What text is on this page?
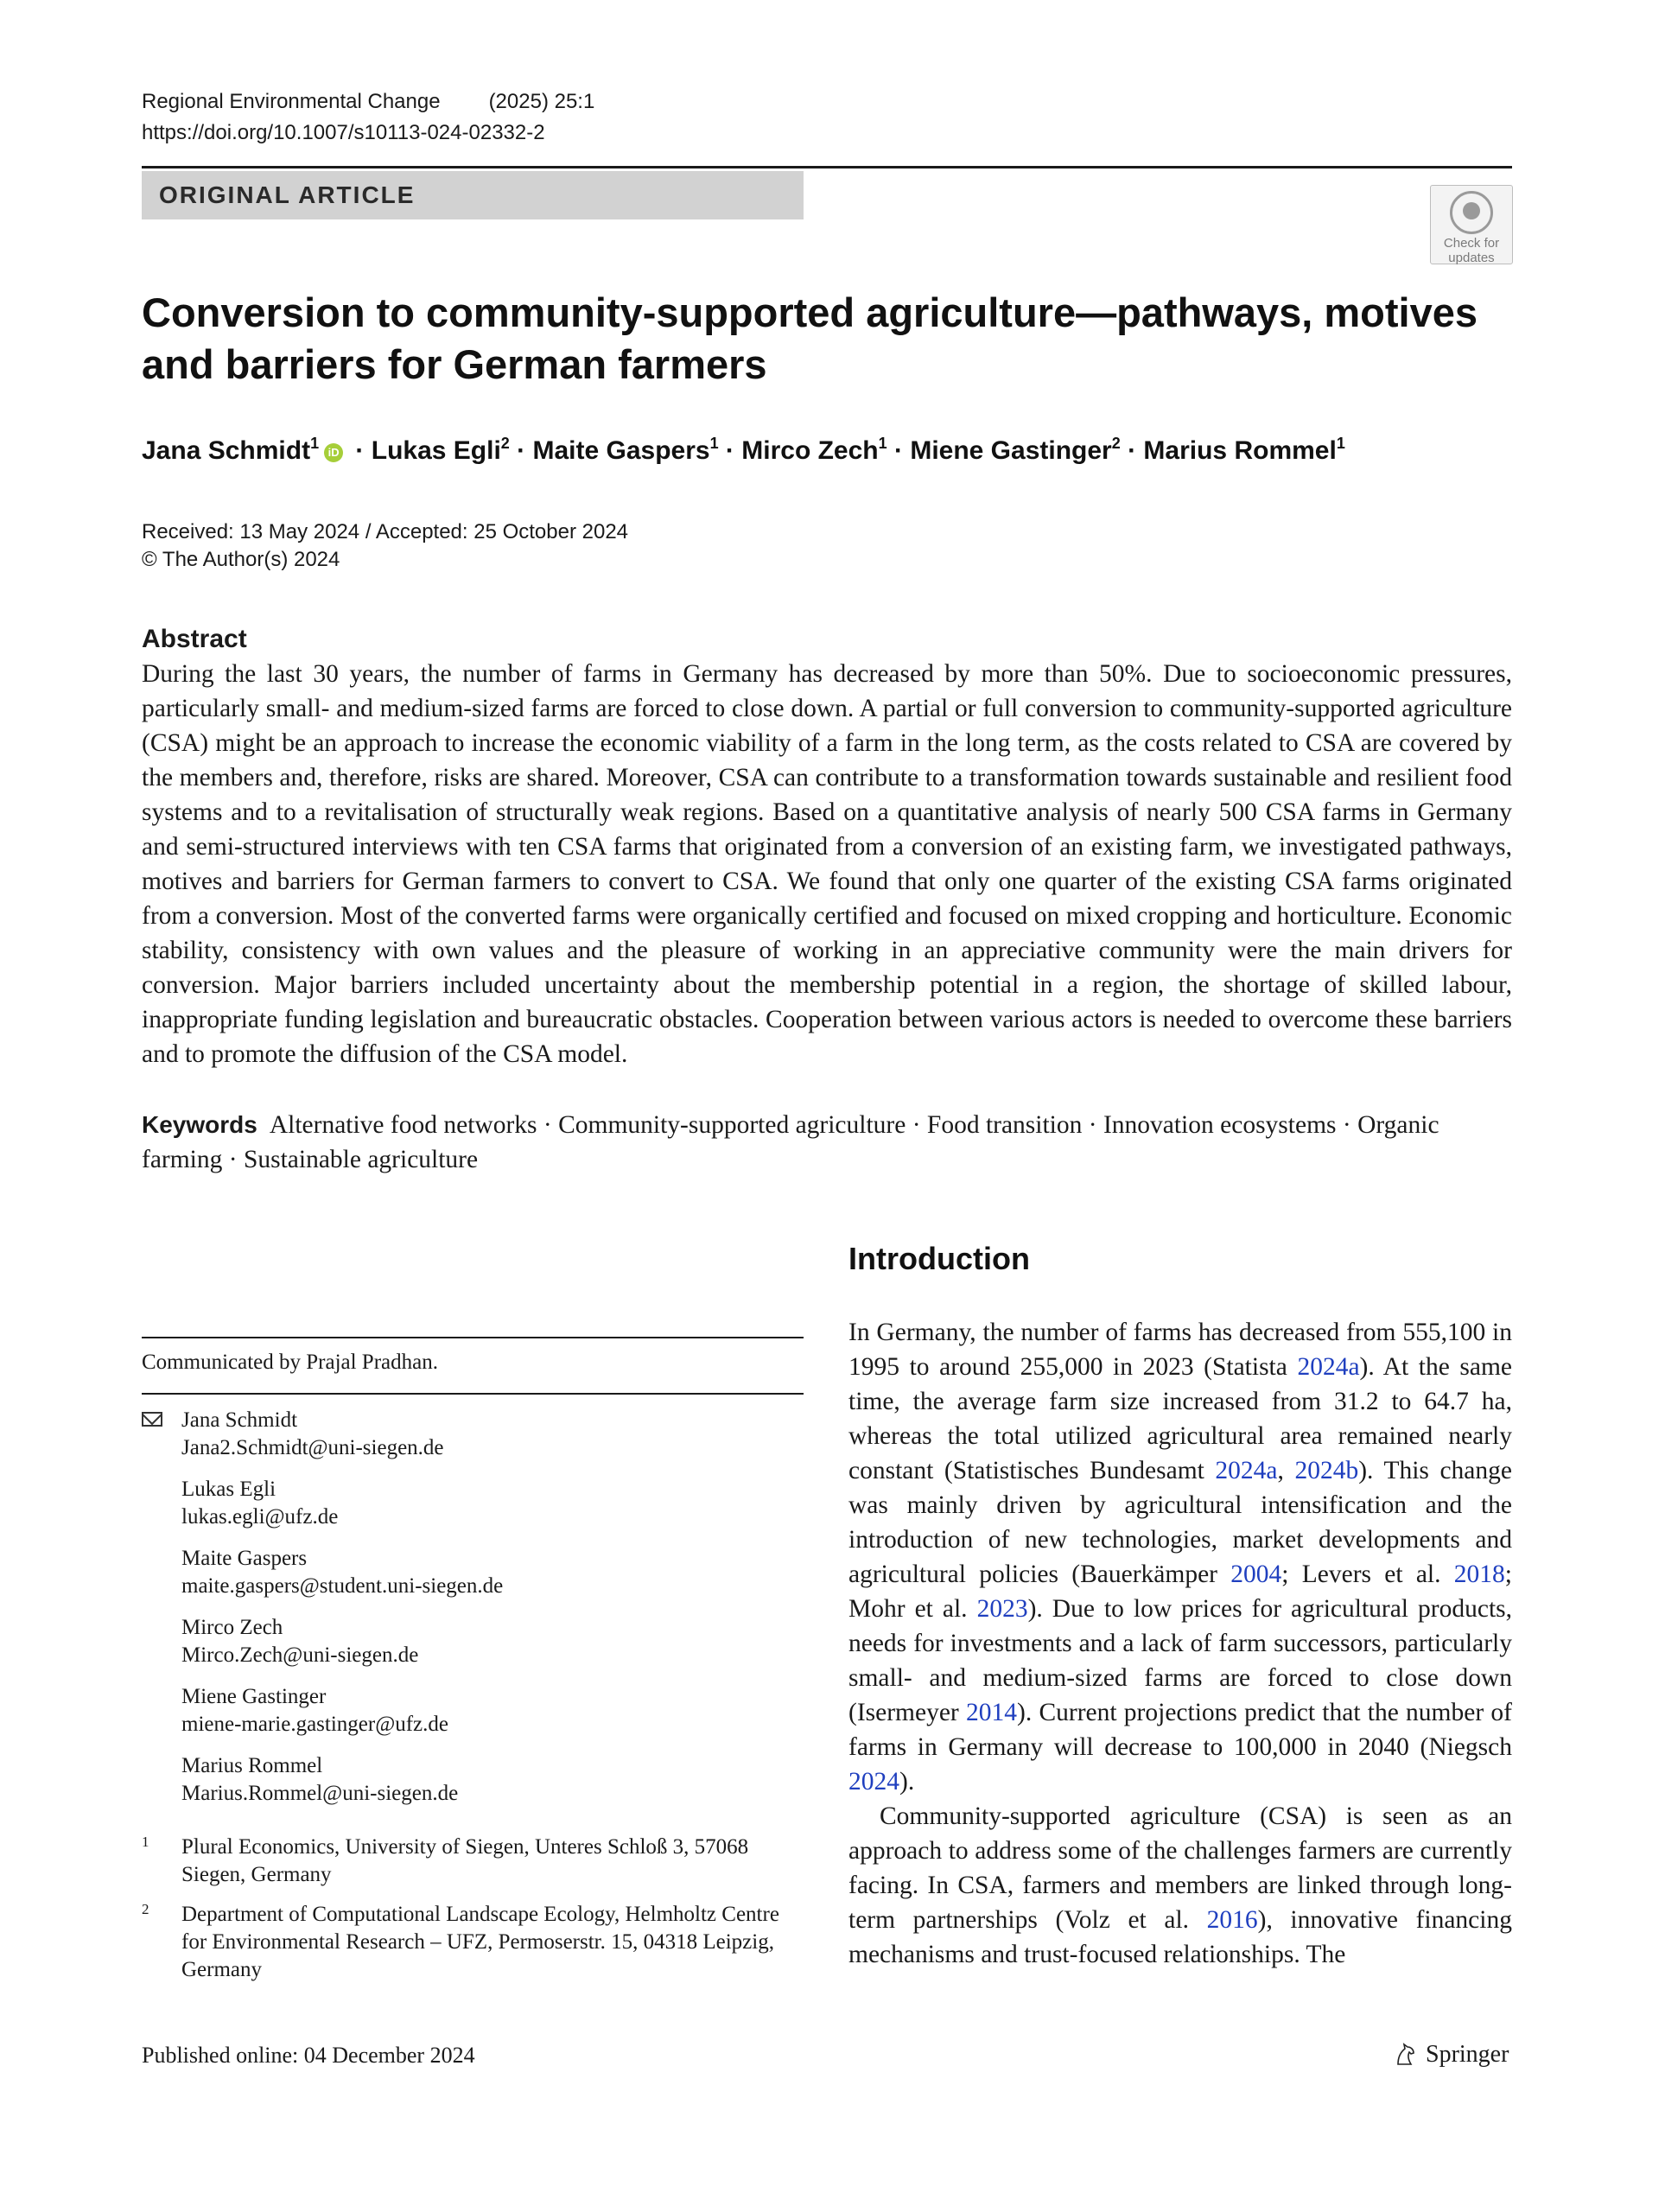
Regional Environmental Change (2025) 25:1
https://doi.org/10.1007/s10113-024-02332-2
ORIGINAL ARTICLE
Check for updates
Conversion to community-supported agriculture—pathways, motives and barriers for German farmers
Jana Schmidt$^1$iD · Lukas Egli$^2$ · Maite Gaspers$^1$ · Mirco Zech$^1$ · Miene Gastinger$^2$ · Marius Rommel$^1$
Received: 13 May 2024 / Accepted: 25 October 2024
© The Author(s) 2024
Abstract
During the last 30 years, the number of farms in Germany has decreased by more than 50%. Due to socioeconomic pressures, particularly small- and medium-sized farms are forced to close down. A partial or full conversion to community-supported agriculture (CSA) might be an approach to increase the economic viability of a farm in the long term, as the costs related to CSA are covered by the members and, therefore, risks are shared. Moreover, CSA can contribute to a transformation towards sustainable and resilient food systems and to a revitalisation of structurally weak regions. Based on a quantitative analysis of nearly 500 CSA farms in Germany and semi-structured interviews with ten CSA farms that originated from a conversion of an existing farm, we investigated pathways, motives and barriers for German farmers to convert to CSA. We found that only one quarter of the existing CSA farms originated from a conversion. Most of the converted farms were organically certified and focused on mixed cropping and horticulture. Economic stability, consistency with own values and the pleasure of working in an appreciative community were the main drivers for conversion. Major barriers included uncertainty about the membership potential in a region, the shortage of skilled labour, inappropriate funding legislation and bureaucratic obstacles. Cooperation between various actors is needed to overcome these barriers and to promote the diffusion of the CSA model.
Keywords Alternative food networks · Community-supported agriculture · Food transition · Innovation ecosystems · Organic farming · Sustainable agriculture
Communicated by Prajal Pradhan.
Jana Schmidt
Jana2.Schmidt@uni-siegen.de
Lukas Egli
lukas.egli@ufz.de
Maite Gaspers
maite.gaspers@student.uni-siegen.de
Mirco Zech
Mirco.Zech@uni-siegen.de
Miene Gastinger
miene-marie.gastinger@ufz.de
Marius Rommel
Marius.Rommel@uni-siegen.de
1 Plural Economics, University of Siegen, Unteres Schloß 3, 57068 Siegen, Germany
2 Department of Computational Landscape Ecology, Helmholtz Centre for Environmental Research – UFZ, Permoserstr. 15, 04318 Leipzig, Germany
Introduction

In Germany, the number of farms has decreased from 555,100 in 1995 to around 255,000 in 2023 (Statista 2024a). At the same time, the average farm size increased from 31.2 to 64.7 ha, whereas the total utilized agricultural area remained nearly constant (Statistisches Bundesamt 2024a, 2024b). This change was mainly driven by agricultural intensification and the introduction of new technologies, market developments and agricultural policies (Bauerkämper 2004; Levers et al. 2018; Mohr et al. 2023). Due to low prices for agricultural products, needs for investments and a lack of farm successors, particularly small- and medium-sized farms are forced to close down (Isermeyer 2014). Current projections predict that the number of farms in Germany will decrease to 100,000 in 2040 (Niegsch 2024).

Community-supported agriculture (CSA) is seen as an approach to address some of the challenges farmers are currently facing. In CSA, farmers and members are linked through long-term partnerships (Volz et al. 2016), innovative financing mechanisms and trust-focused relationships. The

Published online: 04 December 2024	Springer
